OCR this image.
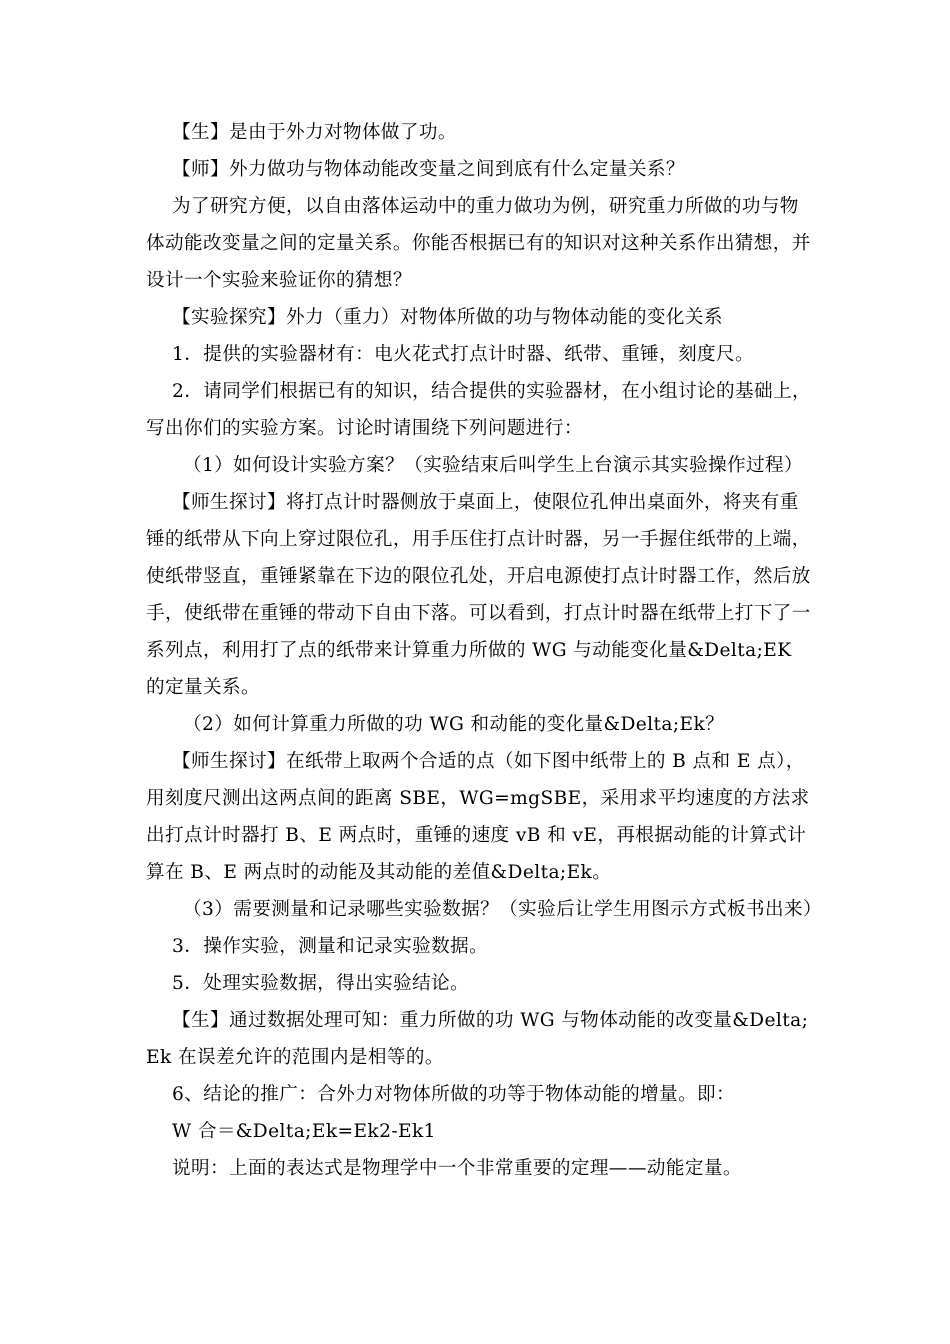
【生】是由于外力对物体做了功。

【师】外力做功与物体动能改变量之间到底有什么定量关系？

为了研究方便，以自由落体运动中的重力做功为例，研究重力所做的功与物体动能改变量之间的定量关系。你能否根据已有的知识对这种关系作出猜想，并设计一个实验来验证你的猜想？

【实验探究】外力（重力）对物体所做的功与物体动能的变化关系

1．提供的实验器材有：电火花式打点计时器、纸带、重锤，刻度尺。

2．请同学们根据已有的知识，结合提供的实验器材，在小组讨论的基础上，写出你们的实验方案。讨论时请围绕下列问题进行：

（1）如何设计实验方案？（实验结束后叫学生上台演示其实验操作过程）

【师生探讨】将打点计时器侧放于桌面上，使限位孔伸出桌面外，将夹有重锤的纸带从下向上穿过限位孔，用手压住打点计时器，另一手握住纸带的上端，使纸带竖直，重锤紧靠在下边的限位孔处，开启电源使打点计时器工作，然后放手，使纸带在重锤的带动下自由下落。可以看到，打点计时器在纸带上打下了一系列点，利用打了点的纸带来计算重力所做的 WG 与动能变化量&Delta;EK 的定量关系。

（2）如何计算重力所做的功 WG 和动能的变化量&Delta;Ek？

【师生探讨】在纸带上取两个合适的点（如下图中纸带上的 B 点和 E 点），用刻度尺测出这两点间的距离 SBE，WG=mgSBE，采用求平均速度的方法求出打点计时器打 B、E 两点时，重锤的速度 vB 和 vE，再根据动能的计算式计算在 B、E 两点时的动能及其动能的差值&Delta;Ek。

（3）需要测量和记录哪些实验数据？（实验后让学生用图示方式板书出来）

3．操作实验，测量和记录实验数据。

5．处理实验数据，得出实验结论。

【生】通过数据处理可知：重力所做的功 WG 与物体动能的改变量&Delta;Ek 在误差允许的范围内是相等的。

6、结论的推广：合外力对物体所做的功等于物体动能的增量。即：

W 合＝&Delta;Ek=Ek2-Ek1

说明：上面的表达式是物理学中一个非常重要的定理——动能定量。
